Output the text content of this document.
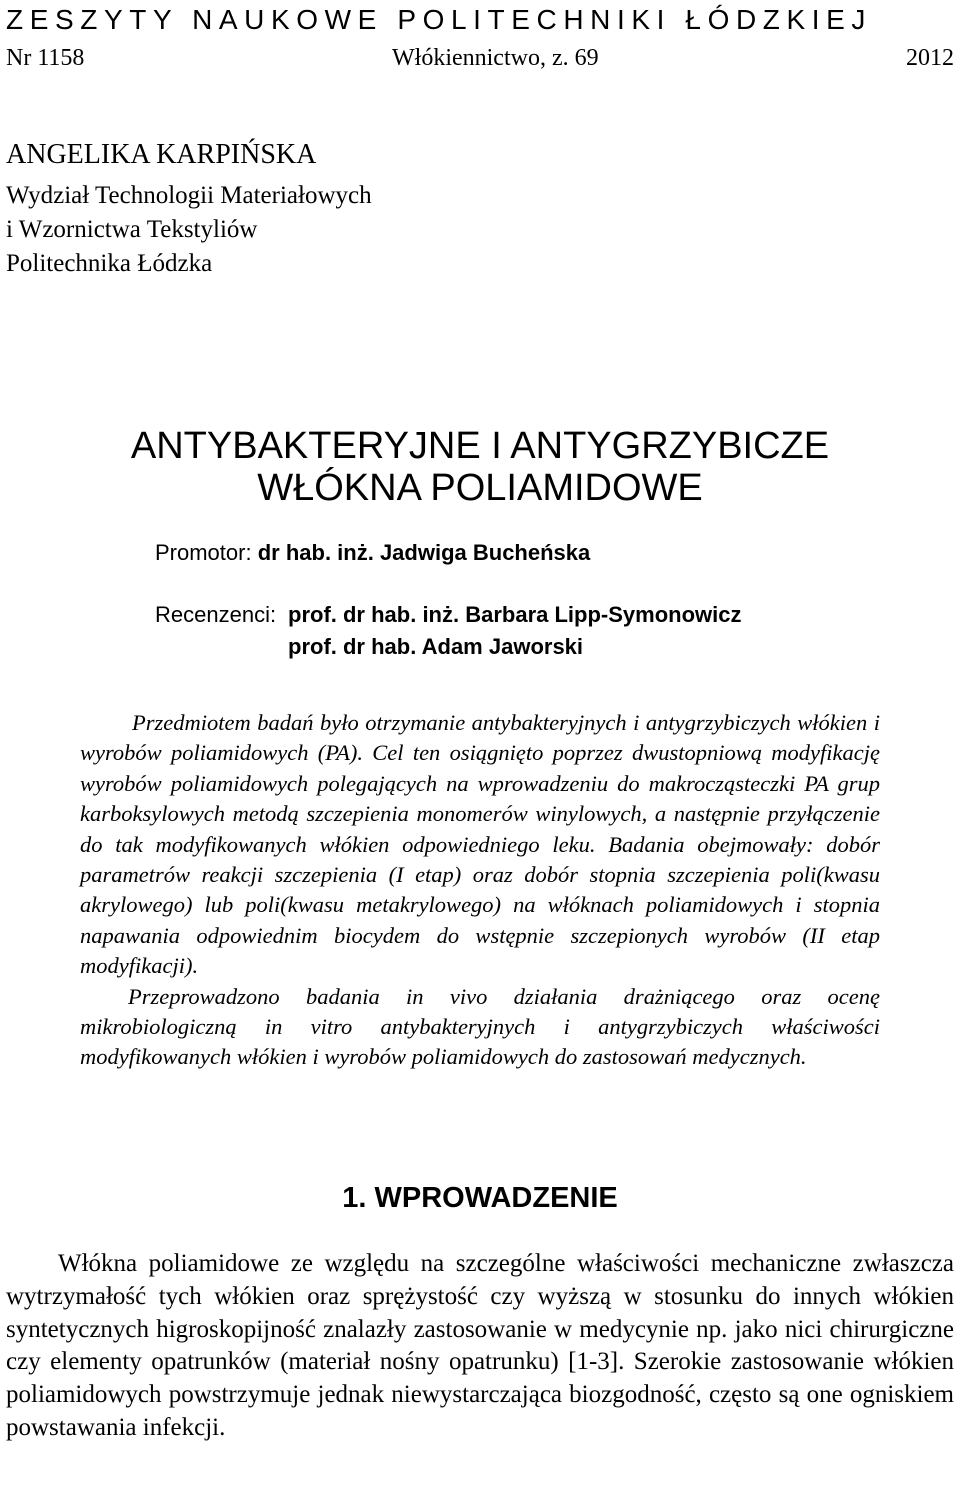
ZESZYTY NAUKOWE POLITECHNIKI ŁÓDZKIEJ
Nr 1158	Włókiennictwo, z. 69	2012
ANGELIKA KARPIŃSKA
Wydział Technologii Materiałowych
i Wzornictwa Tekstyliów
Politechnika Łódzka
ANTYBAKTERYJNE I ANTYGRZYBICZE
WŁÓKNA POLIAMIDOWE
Promotor: dr hab. inż. Jadwiga Bucheńska
Recenzenci: prof. dr hab. inż. Barbara Lipp-Symonowicz
prof. dr hab. Adam Jaworski

Przedmiotem badań było otrzymanie antybakteryjnych i antygrzybiczych włókien i wyrobów poliamidowych (PA). Cel ten osiągnięto poprzez dwustopniową modyfikację wyrobów poliamidowych polegających na wprowadzeniu do makrocząsteczki PA grup karboksylowych metodą szczepienia monomerów winylowych, a następnie przyłączenie do tak modyfikowanych włókien odpowiedniego leku. Badania obejmowały: dobór parametrów reakcji szczepienia (I etap) oraz dobór stopnia szczepienia poli(kwasu akrylowego) lub poli(kwasu metakrylowego) na włóknach poliamidowych i stopnia napawania odpowiednim biocydem do wstępnie szczepionych wyrobów (II etap modyfikacji).

Przeprowadzono badania in vivo działania drażniącego oraz ocenę mikrobiologiczną in vitro antybakteryjnych i antygrzybiczych właściwości modyfikowanych włókien i wyrobów poliamidowych do zastosowań medycznych.

1. WPROWADZENIE

Włókna poliamidowe ze względu na szczególne właściwości mechaniczne zwłaszcza wytrzymałość tych włókien oraz sprężystość czy wyższą w stosunku do innych włókien syntetycznych higroskopijność znalazły zastosowanie w medycynie np. jako nici chirurgiczne czy elementy opatrunków (materiał nośny opatrunku) [1-3]. Szerokie zastosowanie włókien poliamidowych powstrzymuje jednak niewystarczająca biozgodność, często są one ogniskiem powstawania infekcji.
